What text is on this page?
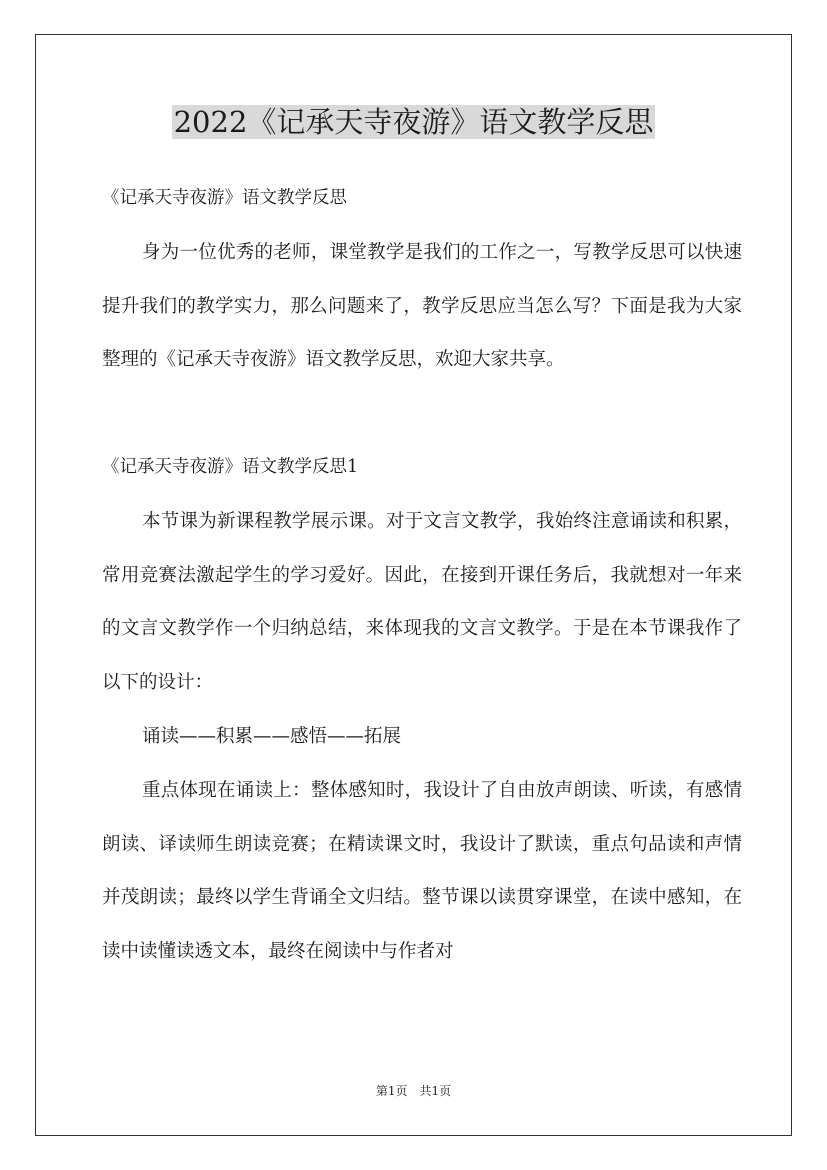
2022《记承天寺夜游》语文教学反思

《记承天寺夜游》语文教学反思

身为一位优秀的老师，课堂教学是我们的工作之一，写教学反思可以快速提升我们的教学实力，那么问题来了，教学反思应当怎么写？下面是我为大家整理的《记承天寺夜游》语文教学反思，欢迎大家共享。

《记承天寺夜游》语文教学反思1

本节课为新课程教学展示课。对于文言文教学，我始终注意诵读和积累，常用竞赛法激起学生的学习爱好。因此，在接到开课任务后，我就想对一年来的文言文教学作一个归纳总结，来体现我的文言文教学。于是在本节课我作了以下的设计：

诵读——积累——感悟——拓展

重点体现在诵读上：整体感知时，我设计了自由放声朗读、听读，有感情朗读、译读师生朗读竞赛；在精读课文时，我设计了默读，重点句品读和声情并茂朗读；最终以学生背诵全文归结。整节课以读贯穿课堂，在读中感知，在读中读懂读透文本，最终在阅读中与作者对

第1页　共1页
